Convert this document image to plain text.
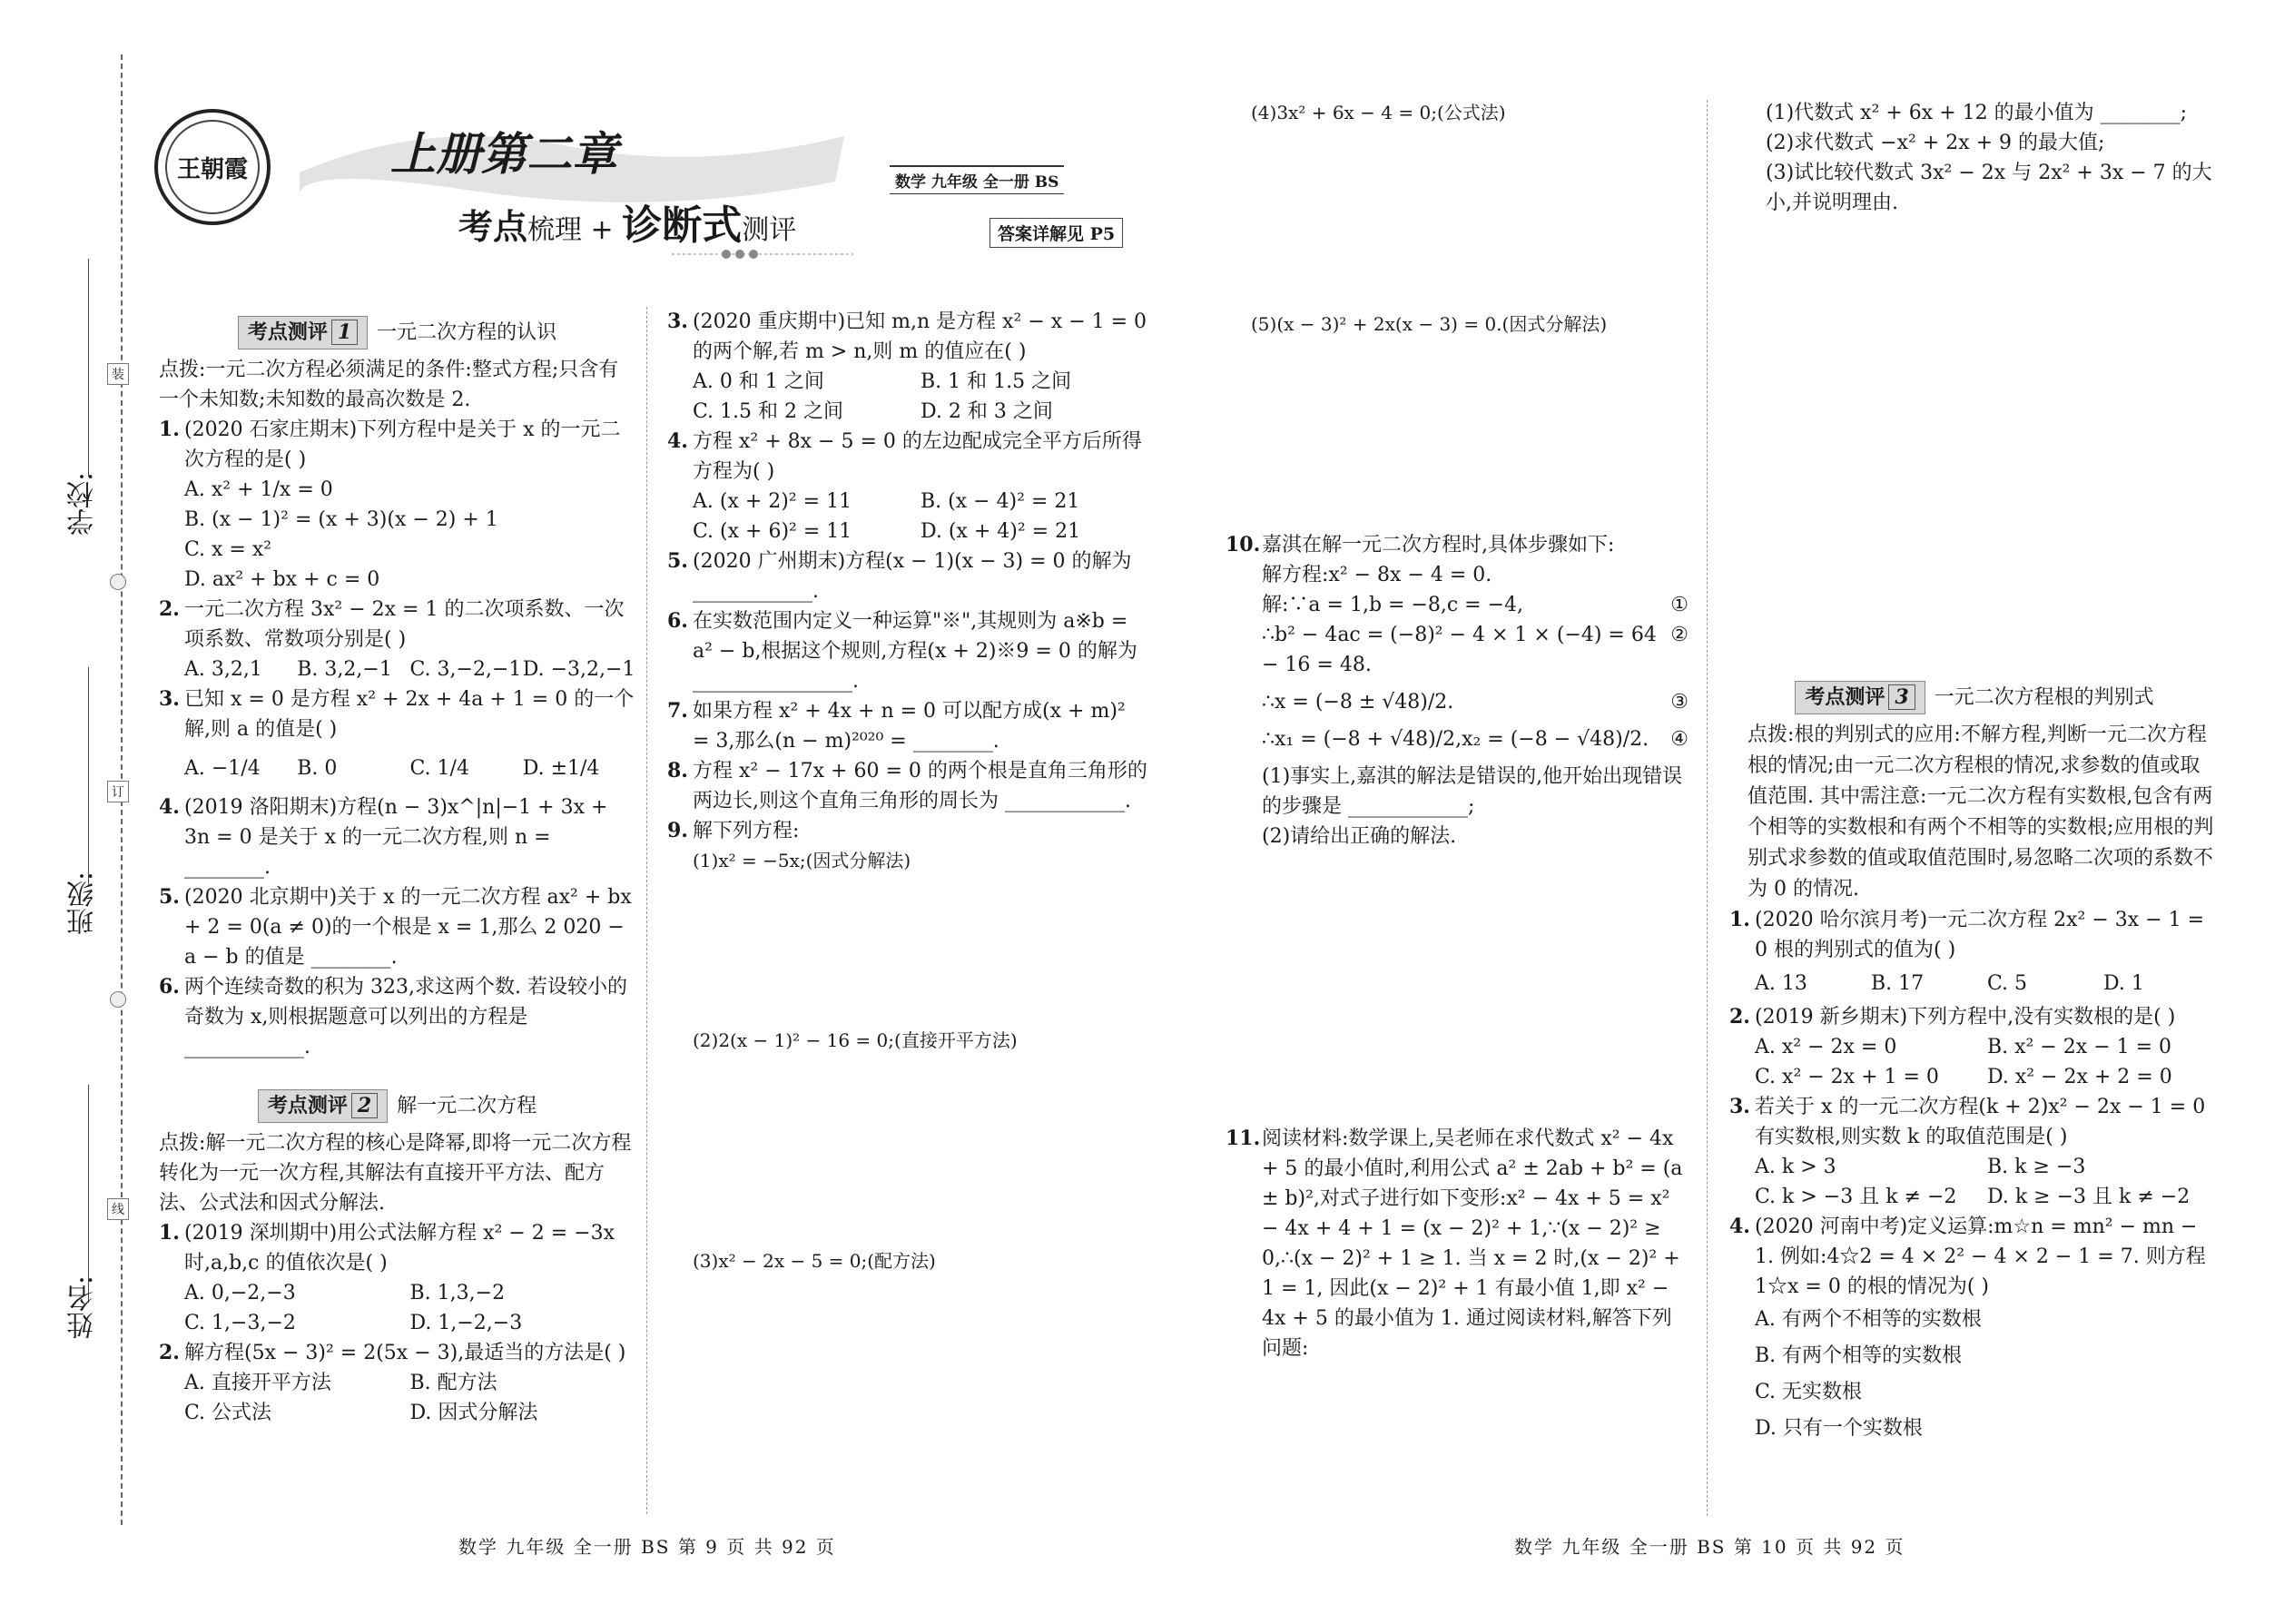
学校:
班级:
姓名:
装
订
线
王朝霞	上册第二章
考点梳理 + 诊断式测评
数学 九年级 全一册 BS
答案详解见 P5
考点测评 1	一元二次方程的认识

点拨:一元二次方程必须满足的条件:整式方程;只含有一个未知数;未知数的最高次数是 2.

1. (2020 石家庄期末)下列方程中是关于 x 的一元二次方程的是( )

A. x² + 1/x = 0

B. (x − 1)² = (x + 3)(x − 2) + 1

C. x = x²

D. ax² + bx + c = 0

2. 一元二次方程 3x² − 2x = 1 的二次项系数、一次项系数、常数项分别是( )
A. 3,2,1	B. 3,2,−1 C. 3,−2,−1 D. −3,2,−1
3. 已知 x = 0 是方程 x² + 2x + 4a + 1 = 0 的一个解,则 a 的值是( )
A. −1/4	B. 0	C. 1/4	D. ±1/4
4. (2019 洛阳期末)方程(n − 3)x^|n|−1 + 3x + 3n = 0 是关于 x 的一元二次方程,则 n = ________.
5. (2020 北京期中)关于 x 的一元二次方程 ax² + bx + 2 = 0(a ≠ 0)的一个根是 x = 1,那么 2 020 − a − b 的值是 ________.
6. 两个连续奇数的积为 323,求这两个数. 若设较小的奇数为 x,则根据题意可以列出的方程是 ____________.
考点测评 2	解一元二次方程

点拨:解一元二次方程的核心是降幂,即将一元二次方程转化为一元一次方程,其解法有直接开平方法、配方法、公式法和因式分解法.

1. (2019 深圳期中)用公式法解方程 x² − 2 = −3x 时,a,b,c 的值依次是( )
A. 0,−2,−3	B. 1,3,−2
C. 1,−3,−2	D. 1,−2,−3
2. 解方程(5x − 3)² = 2(5x − 3),最适当的方法是( )
A. 直接开平方法	B. 配方法
C. 公式法	D. 因式分解法
3. (2020 重庆期中)已知 m,n 是方程 x² − x − 1 = 0 的两个解,若 m > n,则 m 的值应在( )
A. 0 和 1 之间	B. 1 和 1.5 之间
C. 1.5 和 2 之间	D. 2 和 3 之间
4. 方程 x² + 8x − 5 = 0 的左边配成完全平方后所得方程为( )
A. (x + 2)² = 11	B. (x − 4)² = 21
C. (x + 6)² = 11	D. (x + 4)² = 21
5. (2020 广州期末)方程(x − 1)(x − 3) = 0 的解为 ____________.
6. 在实数范围内定义一种运算"※",其规则为 a※b = a² − b,根据这个规则,方程(x + 2)※9 = 0 的解为 ________________.
7. 如果方程 x² + 4x + n = 0 可以配方成(x + m)² = 3,那么(n − m)²⁰²⁰ = ________.
8. 方程 x² − 17x + 60 = 0 的两个根是直角三角形的两边长,则这个直角三角形的周长为 ____________.
9. 解下列方程:

(1)x² = −5x;(因式分解法)

(2)2(x − 1)² − 16 = 0;(直接开平方法)

(3)x² − 2x − 5 = 0;(配方法)

(4)3x² + 6x − 4 = 0;(公式法)

(5)(x − 3)² + 2x(x − 3) = 0.(因式分解法)

10. 嘉淇在解一元二次方程时,具体步骤如下:

解方程:x² − 8x − 4 = 0.

解:∵a = 1,b = −8,c = −4,	①
∴b² − 4ac = (−8)² − 4 × 1 × (−4) = 64 − 16 = 48.
②
∴x = (−8 ± √48)/2.	③
∴x₁ = (−8 + √48)/2,x₂ = (−8 − √48)/2. ④

(1)事实上,嘉淇的解法是错误的,他开始出现错误的步骤是 ____________;

(2)请给出正确的解法.

11. 阅读材料:数学课上,吴老师在求代数式 x² − 4x + 5 的最小值时,利用公式 a² ± 2ab + b² = (a ± b)²,对式子进行如下变形:x² − 4x + 5 = x² − 4x + 4 + 1 = (x − 2)² + 1,∵(x − 2)² ≥ 0,∴(x − 2)² + 1 ≥ 1. 当 x = 2 时,(x − 2)² + 1 = 1, 因此(x − 2)² + 1 有最小值 1,即 x² − 4x + 5 的最小值为 1. 通过阅读材料,解答下列问题:

(1)代数式 x² + 6x + 12 的最小值为 ________;

(2)求代数式 −x² + 2x + 9 的最大值;

(3)试比较代数式 3x² − 2x 与 2x² + 3x − 7 的大小,并说明理由.

考点测评 3	一元二次方程根的判别式

点拨:根的判别式的应用:不解方程,判断一元二次方程根的情况;由一元二次方程根的情况,求参数的值或取值范围. 其中需注意:一元二次方程有实数根,包含有两个相等的实数根和有两个不相等的实数根;应用根的判别式求参数的值或取值范围时,易忽略二次项的系数不为 0 的情况.

1. (2020 哈尔滨月考)一元二次方程 2x² − 3x − 1 = 0 根的判别式的值为( )
A. 13	B. 17	C. 5	D. 1
2. (2019 新乡期末)下列方程中,没有实数根的是( )
A. x² − 2x = 0	B. x² − 2x − 1 = 0
C. x² − 2x + 1 = 0	D. x² − 2x + 2 = 0
3. 若关于 x 的一元二次方程(k + 2)x² − 2x − 1 = 0 有实数根,则实数 k 的取值范围是( )
A. k > 3	B. k ≥ −3
C. k > −3 且 k ≠ −2	D. k ≥ −3 且 k ≠ −2
4. (2020 河南中考)定义运算:m☆n = mn² − mn − 1. 例如:4☆2 = 4 × 2² − 4 × 2 − 1 = 7. 则方程 1☆x = 0 的根的情况为( )

A. 有两个不相等的实数根

B. 有两个相等的实数根

C. 无实数根

D. 只有一个实数根

数学 九年级 全一册 BS 第 9 页 共 92 页	数学 九年级 全一册 BS 第 10 页 共 92 页
